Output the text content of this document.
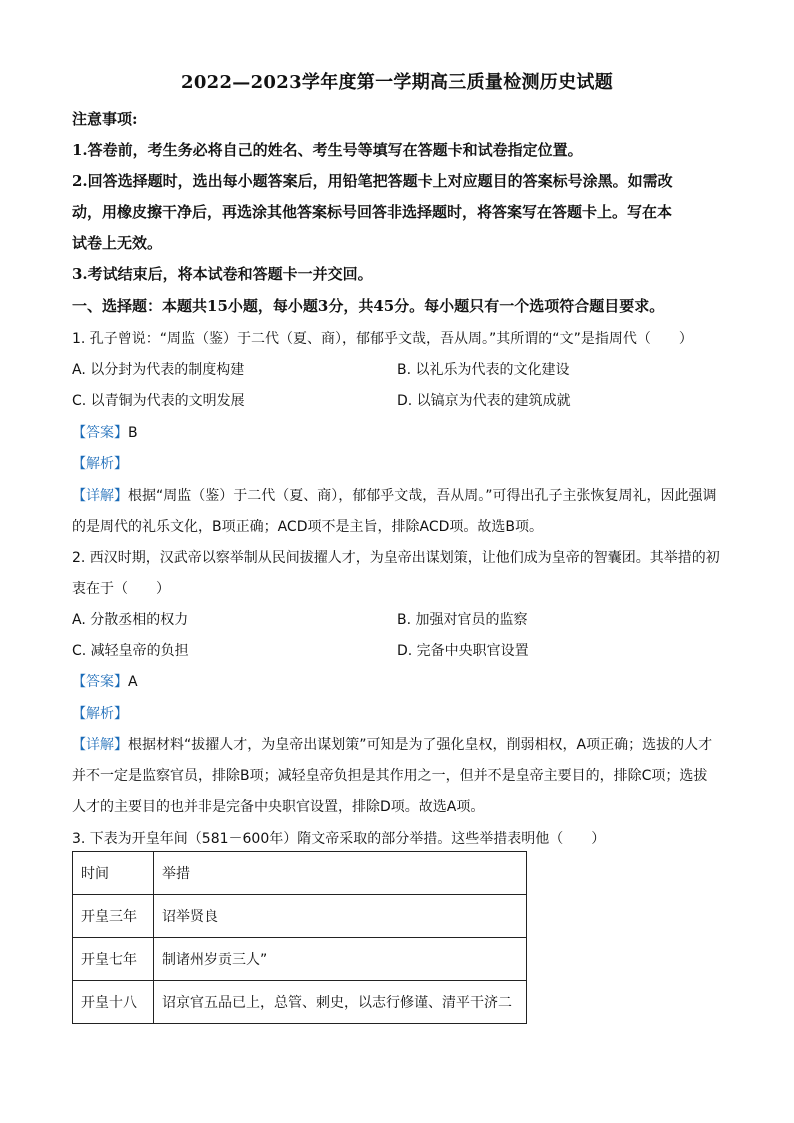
2022—2023学年度第一学期高三质量检测历史试题
注意事项:
1.答卷前，考生务必将自己的姓名、考生号等填写在答题卡和试卷指定位置。
2.回答选择题时，选出每小题答案后，用铅笔把答题卡上对应题目的答案标号涂黑。如需改
动，用橡皮擦干净后，再选涂其他答案标号回答非选择题时，将答案写在答题卡上。写在本
试卷上无效。
3.考试结束后，将本试卷和答题卡一并交回。
一、选择题：本题共15小题，每小题3分，共45分。每小题只有一个选项符合题目要求。
1. 孔子曾说：“周监（鉴）于二代（夏、商），郁郁乎文哉，吾从周。”其所谓的“文”是指周代（　　）
A. 以分封为代表的制度构建	B. 以礼乐为代表的文化建设
C. 以青铜为代表的文明发展	D. 以镐京为代表的建筑成就
【答案】B
【解析】
【详解】根据“周监（鉴）于二代（夏、商），郁郁乎文哉，吾从周。”可得出孔子主张恢复周礼，因此强调
的是周代的礼乐文化，B项正确；ACD项不是主旨，排除ACD项。故选B项。
2. 西汉时期，汉武帝以察举制从民间拔擢人才，为皇帝出谋划策，让他们成为皇帝的智囊团。其举措的初
衷在于（　　）
A. 分散丞相的权力	B. 加强对官员的监察
C. 减轻皇帝的负担	D. 完备中央职官设置
【答案】A
【解析】
【详解】根据材料“拔擢人才，为皇帝出谋划策”可知是为了强化皇权，削弱相权，A项正确；选拔的人才
并不一定是监察官员，排除B项；减轻皇帝负担是其作用之一，但并不是皇帝主要目的，排除C项；选拔
人才的主要目的也并非是完备中央职官设置，排除D项。故选A项。
3. 下表为开皇年间（581－600年）隋文帝采取的部分举措。这些举措表明他（　　）
时间	举措
开皇三年	诏举贤良
开皇七年	制诸州岁贡三人”
开皇十八	诏京官五品已上，总管、刺史，以志行修谨、清平干济二
